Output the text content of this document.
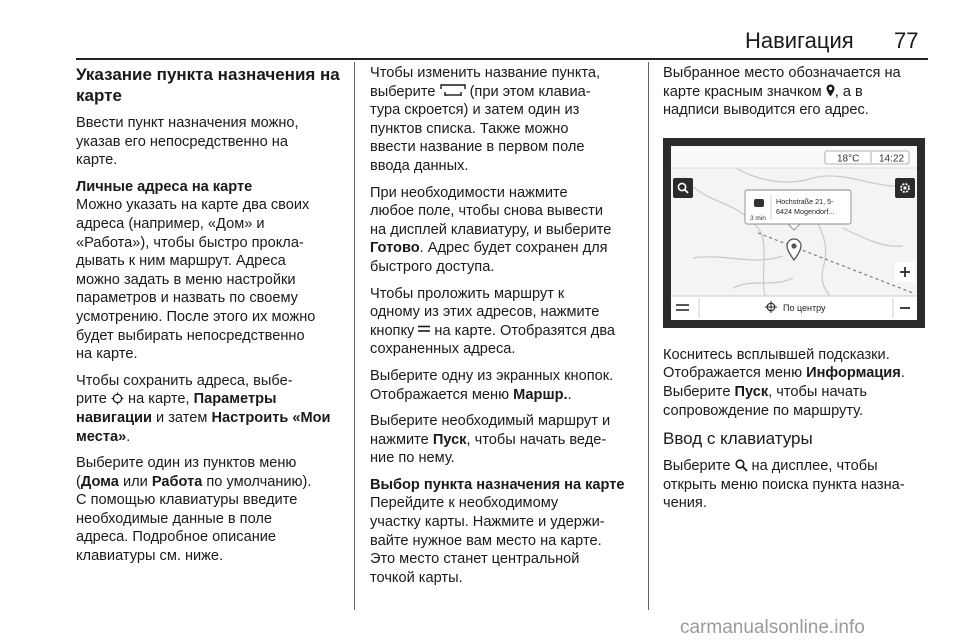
Навигация 77
Указание пункта назначения на
карте

Ввести пункт назначения можно,
указав его непосредственно на
карте.

Личные адреса на карте

Можно указать на карте два своих
адреса (например, «Дом» и
«Работа»), чтобы быстро прокла-
дывать к ним маршрут. Адреса
можно задать в меню настройки
параметров и назвать по своему
усмотрению. После этого их можно
будет выбирать непосредственно
на карте.

Чтобы сохранить адреса, выбе-
рите  на карте, Параметры
навигации и затем Настроить «Мои
места».

Выберите один из пунктов меню
(Дома или Работа по умолчанию).
С помощью клавиатуры введите
необходимые данные в поле
адреса. Подробное описание
клавиатуры см. ниже.

Чтобы изменить название пункта,
выберите  (при этом клавиа-
тура скроется) и затем один из
пунктов списка. Также можно
ввести название в первом поле
ввода данных.

При необходимости нажмите
любое поле, чтобы снова вывести
на дисплей клавиатуру, и выберите
Готово. Адрес будет сохранен для
быстрого доступа.

Чтобы проложить маршрут к
одному из этих адресов, нажмите
кнопку  на карте. Отобразятся два
сохраненных адреса.

Выберите одну из экранных кнопок.
Отображается меню Маршр..

Выберите необходимый маршрут и
нажмите Пуск, чтобы начать веде-
ние по нему.

Выбор пункта назначения на карте

Перейдите к необходимому
участку карты. Нажмите и удержи-
вайте нужное вам место на карте.
Это место станет центральной
точкой карты.

Выбранное место обозначается на
карте красным значком , а в
надписи выводится его адрес.

18°C 14:22
3 min
Hochstraße 21, 5-
6424 Mogendorf...
По центру

Коснитесь всплывшей подсказки.
Отображается меню Информация.
Выберите Пуск, чтобы начать
сопровождение по маршруту.

Ввод с клавиатуры

Выберите  на дисплее, чтобы
открыть меню поиска пункта назна-
чения.

carmanualsonline.info
